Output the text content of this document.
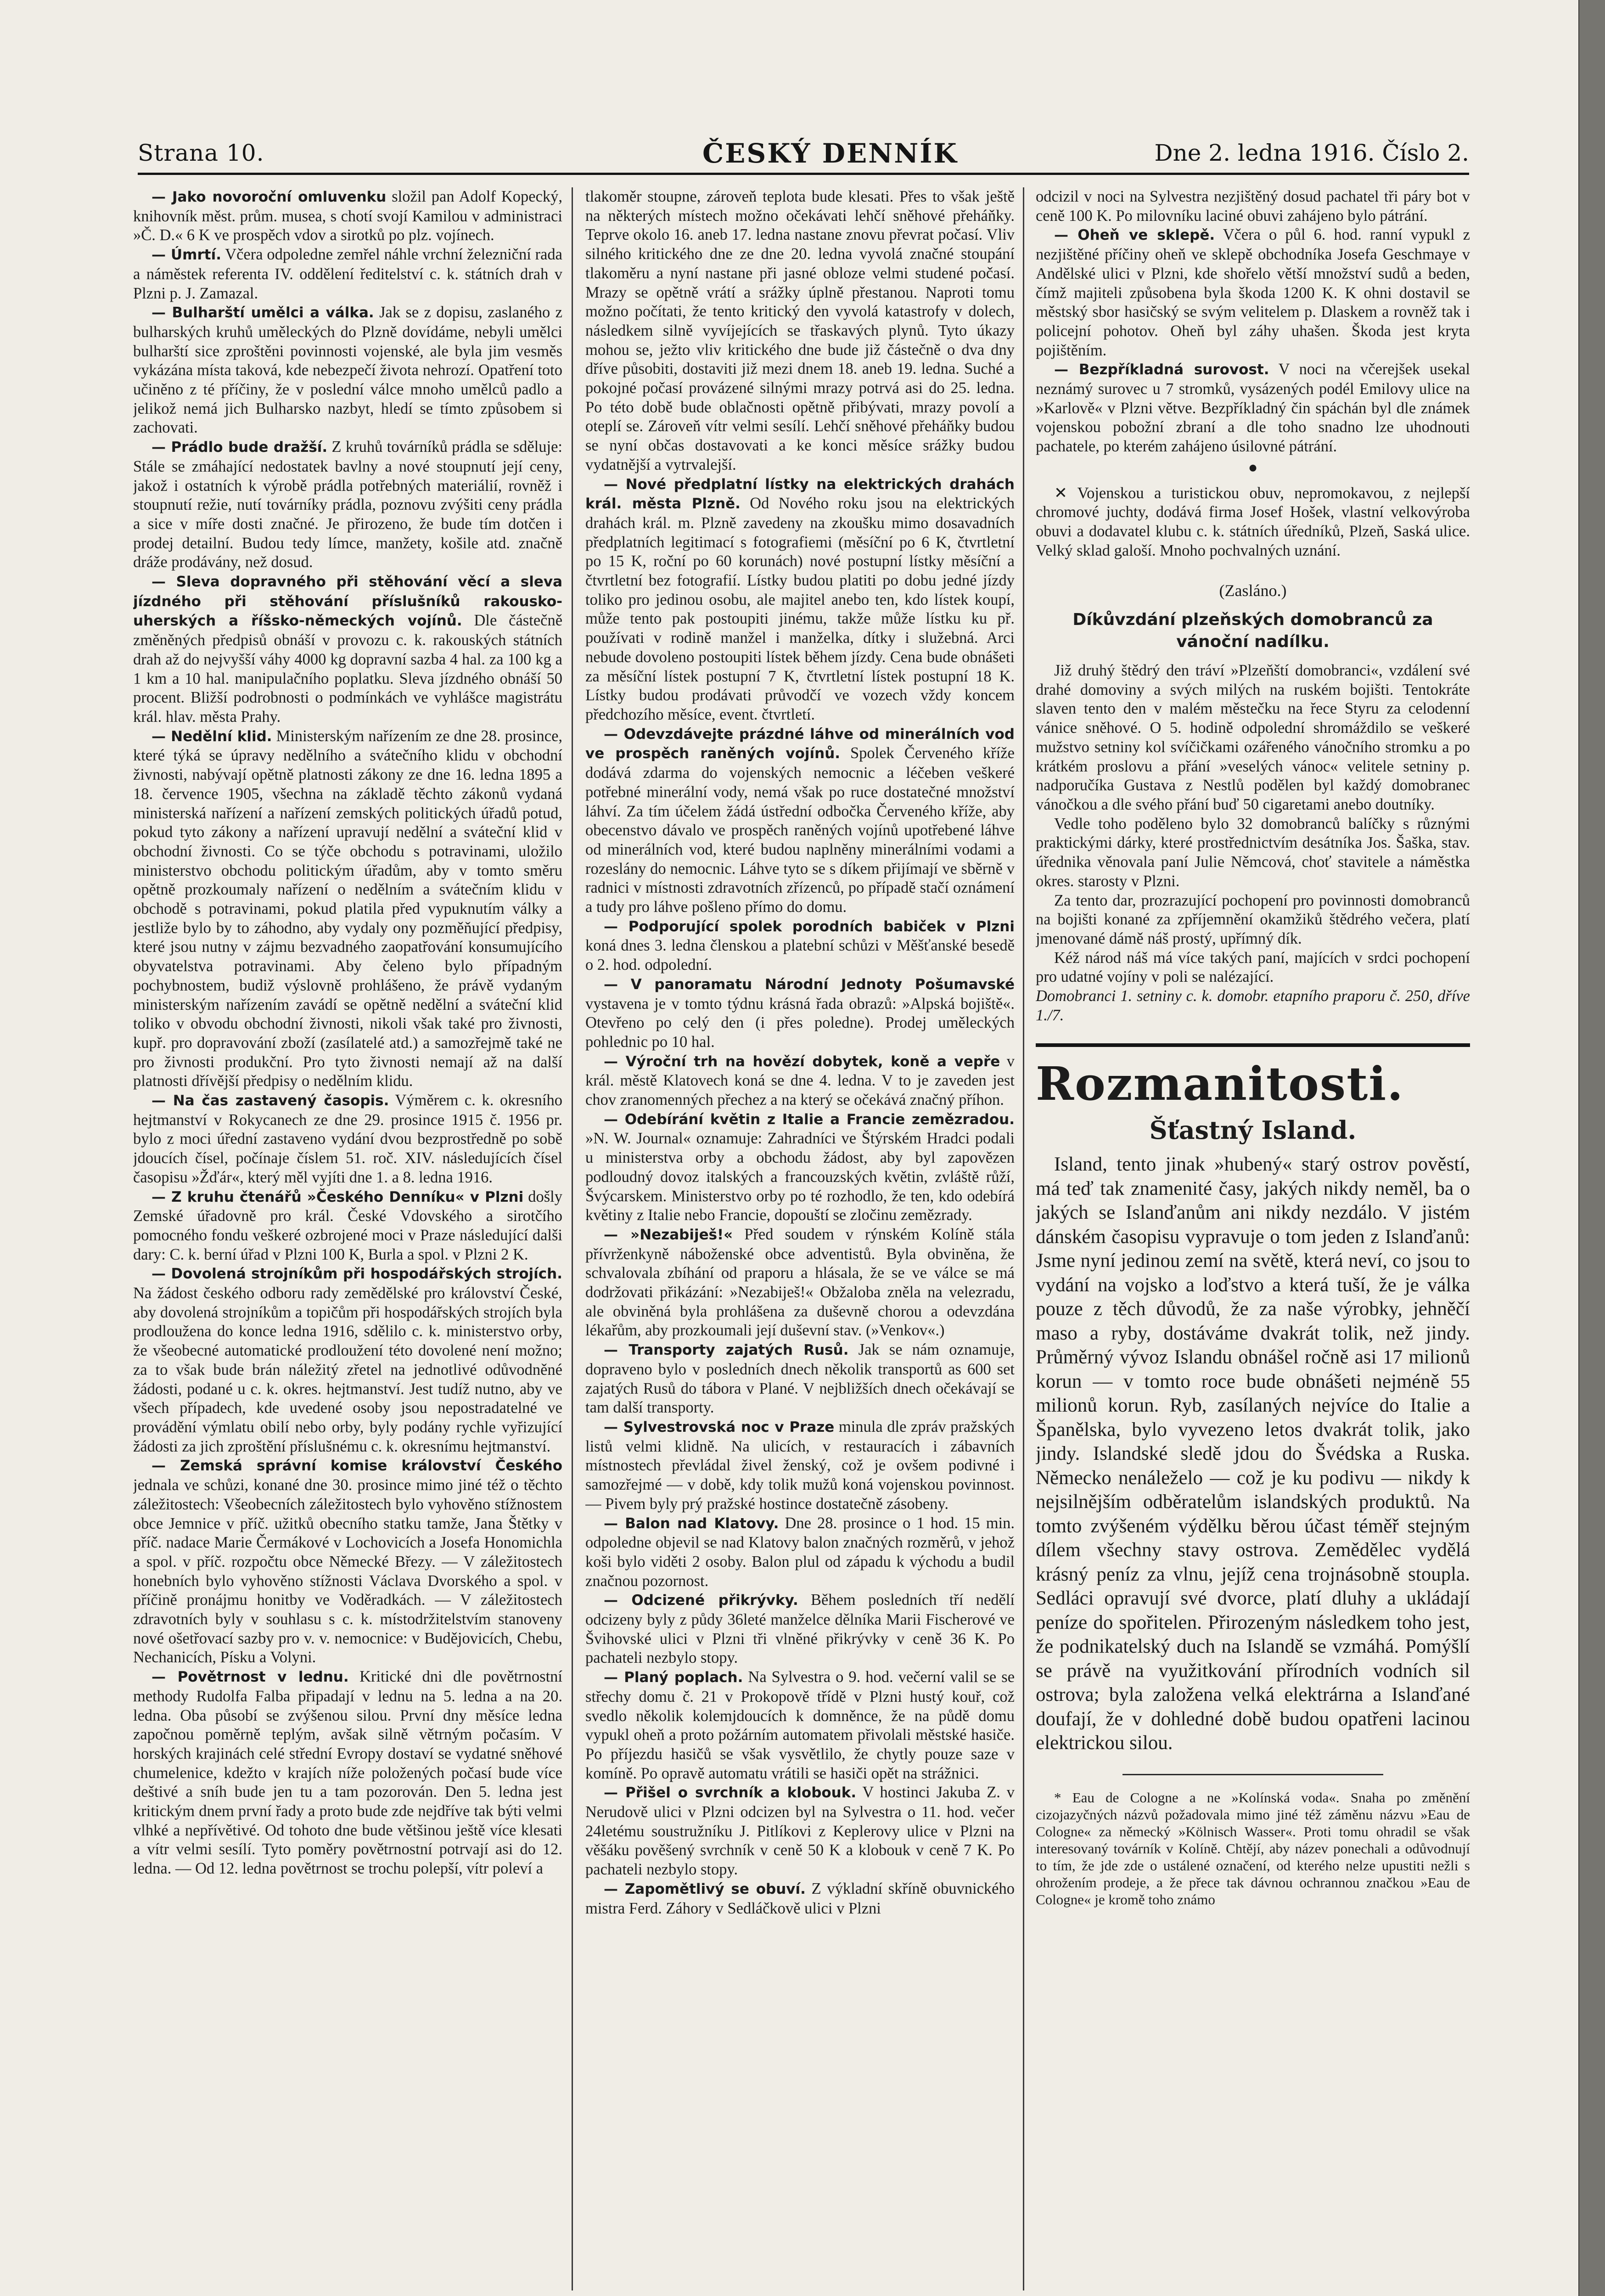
Strana 10.	ČESKÝ DENNÍK	Dne 2. ledna 1916. Číslo 2.

— Jako novoroční omluvenku složil pan Adolf Kopecký, knihovník měst. prům. musea, s chotí svojí Kamilou v administraci »Č. D.« 6 K ve prospěch vdov a sirotků po plz. vojínech.

— Úmrtí. Včera odpoledne zemřel náhle vrchní železniční rada a náměstek referenta IV. oddělení ředitelství c. k. státních drah v Plzni p. J. Zamazal.

— Bulharští umělci a válka. Jak se z dopisu, zaslaného z bulharských kruhů uměleckých do Plzně dovídáme, nebyli umělci bulharští sice zproštěni povinnosti vojenské, ale byla jim vesměs vykázána místa taková, kde nebezpečí života nehrozí. Opatření toto učiněno z té příčiny, že v poslední válce mnoho umělců padlo a jelikož nemá jich Bulharsko nazbyt, hledí se tímto způsobem si zachovati.

— Prádlo bude dražší. Z kruhů továrníků prádla se sděluje: Stále se zmáhající nedostatek bavlny a nové stoupnutí její ceny, jakož i ostatních k výrobě prádla potřebných materiálií, rovněž i stoupnutí režie, nutí továrníky prádla, poznovu zvýšiti ceny prádla a sice v míře dosti značné. Je přirozeno, že bude tím dotčen i prodej detailní. Budou tedy límce, manžety, košile atd. značně dráže prodávány, než dosud.

— Sleva dopravného při stěhování věcí a sleva jízdného při stěhování příslušníků rakousko-uherských a říšsko-německých vojínů. Dle částečně změněných předpisů obnáší v provozu c. k. rakouských státních drah až do nejvyšší váhy 4000 kg dopravní sazba 4 hal. za 100 kg a 1 km a 10 hal. manipulačního poplatku. Sleva jízdného obnáší 50 procent. Bližší podrobnosti o podmínkách ve vyhlášce magistrátu král. hlav. města Prahy.

— Nedělní klid. Ministerským nařízením ze dne 28. prosince, které týká se úpravy nedělního a svátečního klidu v obchodní živnosti, nabývají opětně platnosti zákony ze dne 16. ledna 1895 a 18. července 1905, všechna na základě těchto zákonů vydaná ministerská nařízení a nařízení zemských politických úřadů potud, pokud tyto zákony a nařízení upravují nedělní a sváteční klid v obchodní živnosti. Co se týče obchodu s potravinami, uložilo ministerstvo obchodu politickým úřadům, aby v tomto směru opětně prozkoumaly nařízení o nedělním a svátečním klidu v obchodě s potravinami, pokud platila před vypuknutím války a jestliže bylo by to záhodno, aby vydaly ony pozměňující předpisy, které jsou nutny v zájmu bezvadného zaopatřování konsumujícího obyvatelstva potravinami. Aby čeleno bylo případným pochybnostem, budiž výslovně prohlášeno, že právě vydaným ministerským nařízením zavádí se opětně nedělní a sváteční klid toliko v obvodu obchodní živnosti, nikoli však také pro živnosti, kupř. pro dopravování zboží (zasílatelé atd.) a samozřejmě také ne pro živnosti produkční. Pro tyto živnosti nemají až na další platnosti dřívější předpisy o nedělním klidu.

— Na čas zastavený časopis. Výměrem c. k. okresního hejtmanství v Rokycanech ze dne 29. prosince 1915 č. 1956 pr. bylo z moci úřední zastaveno vydání dvou bezprostředně po sobě jdoucích čísel, počínaje číslem 51. roč. XIV. následujících čísel časopisu »Žďár«, který měl vyjíti dne 1. a 8. ledna 1916.

— Z kruhu čtenářů »Českého Denníku« v Plzni došly Zemské úřadovně pro král. České Vdovského a sirotčího pomocného fondu veškeré ozbrojené moci v Praze následující dalši dary: C. k. berní úřad v Plzni 100 K, Burla a spol. v Plzni 2 K.

— Dovolená strojníkům při hospodářských strojích. Na žádost českého odboru rady zemědělské pro království České, aby dovolená strojníkům a topičům při hospodářských strojích byla prodloužena do konce ledna 1916, sdělilo c. k. ministerstvo orby, že všeobecné automatické prodloužení této dovolené není možno; za to však bude brán náležitý zřetel na jednotlivé odůvodněné žádosti, podané u c. k. okres. hejtmanství. Jest tudíž nutno, aby ve všech případech, kde uvedené osoby jsou nepostradatelné ve provádění výmlatu obilí nebo orby, byly podány rychle vyřizující žádosti za jich zproštění příslušnému c. k. okresnímu hejtmanství.

— Zemská správní komise království Českého jednala ve schůzi, konané dne 30. prosince mimo jiné též o těchto záležitostech: Všeobecních záležitostech bylo vyhověno stížnostem obce Jemnice v příč. užitků obecního statku tamže, Jana Štětky v příč. nadace Marie Čermákové v Lochovicích a Josefa Honomichla a spol. v příč. rozpočtu obce Německé Březy. — V záležitostech honebních bylo vyhověno stížnosti Václava Dvorského a spol. v příčině pronájmu honitby ve Voděradkách. — V záležitostech zdravotních byly v souhlasu s c. k. místodržitelstvím stanoveny nové ošetřovací sazby pro v. v. nemocnice: v Budějovicích, Chebu, Nechanicích, Písku a Volyni.

— Povětrnost v lednu. Kritické dni dle povětrnostní methody Rudolfa Falba připadají v lednu na 5. ledna a na 20. ledna. Oba působí se zvýšenou silou. První dny měsíce ledna započnou poměrně teplým, avšak silně větrným počasím. V horských krajinách celé střední Evropy dostaví se vydatné sněhové chumelenice, kdežto v krajích níže položených počasí bude více deštivé a sníh bude jen tu a tam pozorován. Den 5. ledna jest kritickým dnem první řady a proto bude zde nejdříve tak býti velmi vlhké a nepřívětivé. Od tohoto dne bude většinou ještě více klesati a vítr velmi sesílí. Tyto poměry povětrnostní potrvají asi do 12. ledna. — Od 12. ledna povětrnost se trochu polepší, vítr poleví a

tlakoměr stoupne, zároveň teplota bude klesati. Přes to však ještě na některých místech možno očekávati lehčí sněhové přeháňky. Teprve okolo 16. aneb 17. ledna nastane znovu převrat počasí. Vliv silného kritického dne ze dne 20. ledna vyvolá značné stoupání tlakoměru a nyní nastane při jasné obloze velmi studené počasí. Mrazy se opětně vrátí a srážky úplně přestanou. Naproti tomu možno počítati, že tento kritický den vyvolá katastrofy v dolech, následkem silně vyvíjejících se třaskavých plynů. Tyto úkazy mohou se, ježto vliv kritického dne bude již částečně o dva dny dříve působiti, dostaviti již mezi dnem 18. aneb 19. ledna. Suché a pokojné počasí provázené silnými mrazy potrvá asi do 25. ledna. Po této době bude oblačnosti opětně přibývati, mrazy povolí a oteplí se. Zároveň vítr velmi sesílí. Lehčí sněhové přeháňky budou se nyní občas dostavovati a ke konci měsíce srážky budou vydatnější a vytrvalejší.

— Nové předplatní lístky na elektrických drahách král. města Plzně. Od Nového roku jsou na elektrických drahách král. m. Plzně zavedeny na zkoušku mimo dosavadních předplatních legitimací s fotografiemi (měsíční po 6 K, čtvrtletní po 15 K, roční po 60 korunách) nové postupní lístky měsíční a čtvrtletní bez fotografií. Lístky budou platiti po dobu jedné jízdy toliko pro jedinou osobu, ale majitel anebo ten, kdo lístek koupí, může tento pak postoupiti jinému, takže může lístku ku př. používati v rodině manžel i manželka, dítky i služebná. Arci nebude dovoleno postoupiti lístek během jízdy. Cena bude obnášeti za měsíční lístek postupní 7 K, čtvrtletní lístek postupní 18 K. Lístky budou prodávati průvodčí ve vozech vždy koncem předchozího měsíce, event. čtvrtletí.

— Odevzdávejte prázdné láhve od minerálních vod ve prospěch raněných vojínů. Spolek Červeného kříže dodává zdarma do vojenských nemocnic a léčeben veškeré potřebné minerální vody, nemá však po ruce dostatečné množství láhví. Za tím účelem žádá ústřední odbočka Červeného kříže, aby obecenstvo dávalo ve prospěch raněných vojínů upotřebené láhve od minerálních vod, které budou naplněny minerálními vodami a rozeslány do nemocnic. Láhve tyto se s díkem přijímají ve sběrně v radnici v místnosti zdravotních zřízenců, po případě stačí oznámení a tudy pro láhve pošleno přímo do domu.

— Podporující spolek porodních babiček v Plzni koná dnes 3. ledna členskou a platební schůzi v Měšťanské besedě o 2. hod. odpolední.

— V panoramatu Národní Jednoty Pošumavské vystavena je v tomto týdnu krásná řada obrazů: »Alpská bojiště«. Otevřeno po celý den (i přes poledne). Prodej uměleckých pohlednic po 10 hal.

— Výroční trh na hovězí dobytek, koně a vepře v král. městě Klatovech koná se dne 4. ledna. V to je zaveden jest chov zranomenných přechez a na který se očekává značný příhon.

— Odebírání květin z Italie a Francie zemězradou. »N. W. Journal« oznamuje: Zahradníci ve Štýrském Hradci podali u ministerstva orby a obchodu žádost, aby byl zapovězen podloudný dovoz italských a francouzských květin, zvláště růží, Švýcarskem. Ministerstvo orby po té rozhodlo, že ten, kdo odebírá květiny z Italie nebo Francie, dopouští se zločinu zemězrady.

— »Nezabiješ!« Před soudem v rýnském Kolíně stála přívrženkyně náboženské obce adventistů. Byla obviněna, že schvalovala zbíhání od praporu a hlásala, že se ve válce se má dodržovati přikázání: »Nezabiješ!« Obžaloba zněla na velezradu, ale obviněná byla prohlášena za duševně chorou a odevzdána lékařům, aby prozkoumali její duševní stav. (»Venkov«.)

— Transporty zajatých Rusů. Jak se nám oznamuje, dopraveno bylo v posledních dnech několik transportů as 600 set zajatých Rusů do tábora v Plané. V nejbližších dnech očekávají se tam další transporty.

— Sylvestrovská noc v Praze minula dle zpráv pražských listů velmi klidně. Na ulicích, v restauracích i zábavních místnostech převládal živel ženský, což je ovšem podivné i samozřejmé — v době, kdy tolik mužů koná vojenskou povinnost. — Pivem byly prý pražské hostince dostatečně zásobeny.

— Balon nad Klatovy. Dne 28. prosince o 1 hod. 15 min. odpoledne objevil se nad Klatovy balon značných rozměrů, v jehož koši bylo viděti 2 osoby. Balon plul od západu k východu a budil značnou pozornost.

— Odcizené přikrývky. Během posledních tří nedělí odcizeny byly z půdy 36leté manželce dělníka Marii Fischerové ve Švihovské ulici v Plzni tři vlněné přikrývky v ceně 36 K. Po pachateli nezbylo stopy.

— Planý poplach. Na Sylvestra o 9. hod. večerní valil se se střechy domu č. 21 v Prokopově třídě v Plzni hustý kouř, což svedlo několik kolemjdoucích k domněnce, že na půdě domu vypukl oheň a proto požárním automatem přivolali městské hasiče. Po příjezdu hasičů se však vysvětlilo, že chytly pouze saze v komíně. Po opravě automatu vrátili se hasiči opět na strážnici.

— Přišel o svrchník a klobouk. V hostinci Jakuba Z. v Nerudově ulici v Plzni odcizen byl na Sylvestra o 11. hod. večer 24letému soustružníku J. Pitlíkovi z Keplerovy ulice v Plzni na věšáku pověšený svrchník v ceně 50 K a klobouk v ceně 7 K. Po pachateli nezbylo stopy.

— Zapomětlivý se obuví. Z výkladní skříně obuvnického mistra Ferd. Záhory v Sedláčkově ulici v Plzni

odcizil v noci na Sylvestra nezjištěný dosud pachatel tři páry bot v ceně 100 K. Po milovníku laciné obuvi zahájeno bylo pátrání.

— Oheň ve sklepě. Včera o půl 6. hod. ranní vypukl z nezjištěné příčiny oheň ve sklepě obchodníka Josefa Geschmaye v Andělské ulici v Plzni, kde shořelo větší množství sudů a beden, čímž majiteli způsobena byla škoda 1200 K. K ohni dostavil se městský sbor hasičský se svým velitelem p. Dlaskem a rovněž tak i policejní pohotov. Oheň byl záhy uhašen. Škoda jest kryta pojištěním.

— Bezpříkladná surovost. V noci na včerejšek usekal neznámý surovec u 7 stromků, vysázených podél Emilovy ulice na »Karlově« v Plzni větve. Bezpříkladný čin spáchán byl dle známek vojenskou pobožní zbraní a dle toho snadno lze uhodnouti pachatele, po kterém zahájeno úsilovné pátrání.

●

✕ Vojenskou a turistickou obuv, nepromokavou, z nejlepší chromové juchty, dodává firma Josef Hošek, vlastní velkovýroba obuvi a dodavatel klubu c. k. státních úředníků, Plzeň, Saská ulice. Velký sklad galoší. Mnoho pochvalných uznání.

(Zasláno.)

Díkůvzdání plzeňských domobranců za vánoční nadílku.

Již druhý štědrý den tráví »Plzeňští domobranci«, vzdálení své drahé domoviny a svých milých na ruském bojišti. Tentokráte slaven tento den v malém městečku na řece Styru za celodenní vánice sněhové. O 5. hodině odpolední shromáždilo se veškeré mužstvo setniny kol svíčičkami ozářeného vánočního stromku a po krátkém proslovu a přání »veselých vánoc« velitele setniny p. nadporučíka Gustava z Nestlů podělen byl každý domobranec vánočkou a dle svého přání buď 50 cigaretami anebo doutníky.

Vedle toho poděleno bylo 32 domobranců balíčky s různými praktickými dárky, které prostřednictvím desátníka Jos. Šaška, stav. úřednika věnovala paní Julie Němcová, choť stavitele a náměstka okres. starosty v Plzni.

Za tento dar, prozrazující pochopení pro povinnosti domobranců na bojišti konané za zpříjemnění okamžiků štědrého večera, platí jmenované dámě náš prostý, upřímný dík.

Kéž národ náš má více takých paní, majících v srdci pochopení pro udatné vojíny v poli se nalézající.

Domobranci 1. setniny c. k. domobr. etapního praporu č. 250, dříve 1./7.

Rozmanitosti.

Šťastný Island.

Island, tento jinak »hubený« starý ostrov pověstí, má teď tak znamenité časy, jakých nikdy neměl, ba o jakých se Islanďanům ani nikdy nezdálo. V jistém dánském časopisu vypravuje o tom jeden z Islanďanů: Jsme nyní jedinou zemí na světě, která neví, co jsou to vydání na vojsko a loďstvo a která tuší, že je válka pouze z těch důvodů, že za naše výrobky, jehněčí maso a ryby, dostáváme dvakrát tolik, než jindy. Průměrný vývoz Islandu obnášel ročně asi 17 milionů korun — v tomto roce bude obnášeti nejméně 55 milionů korun. Ryb, zasílaných nejvíce do Italie a Španělska, bylo vyvezeno letos dvakrát tolik, jako jindy. Islandské sledě jdou do Švédska a Ruska. Německo nenáleželo — což je ku podivu — nikdy k nejsilnějším odběratelům islandských produktů. Na tomto zvýšeném výdělku běrou účast téměř stejným dílem všechny stavy ostrova. Zemědělec vydělá krásný peníz za vlnu, jejíž cena trojnásobně stoupla. Sedláci opravují své dvorce, platí dluhy a ukládají peníze do spořitelen. Přirozeným následkem toho jest, že podnikatelský duch na Islandě se vzmáhá. Pomýšlí se právě na využitkování přírodních vodních sil ostrova; byla založena velká elektrárna a Islanďané doufají, že v dohledné době budou opatřeni lacinou elektrickou silou.

* Eau de Cologne a ne »Kolínská voda«. Snaha po změnění cizojazyčných názvů požadovala mimo jiné též záměnu názvu »Eau de Cologne« za německý »Kölnisch Wasser«. Proti tomu ohradil se však interesovaný továrník v Kolíně. Chtějí, aby název ponechali a odůvodnují to tím, že jde zde o ustálené označení, od kterého nelze upustiti nežli s ohrožením prodeje, a že přece tak dávnou ochrannou značkou »Eau de Cologne« je kromě toho známo
